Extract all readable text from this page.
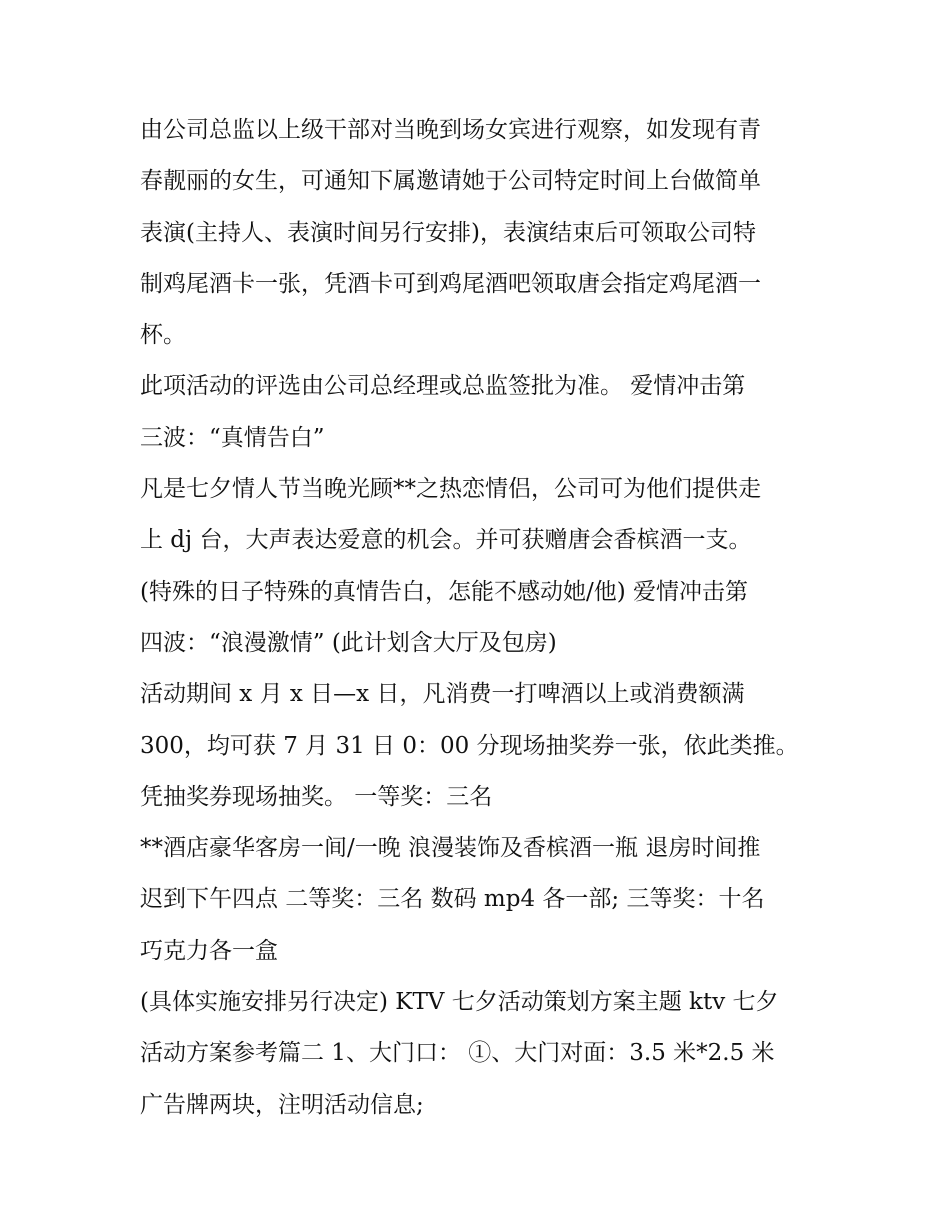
由公司总监以上级干部对当晚到场女宾进行观察，如发现有青
春靓丽的女生，可通知下属邀请她于公司特定时间上台做简单
表演(主持人、表演时间另行安排)，表演结束后可领取公司特
制鸡尾酒卡一张，凭酒卡可到鸡尾酒吧领取唐会指定鸡尾酒一
杯。
此项活动的评选由公司总经理或总监签批为准。 爱情冲击第
三波：“真情告白”
凡是七夕情人节当晚光顾**之热恋情侣，公司可为他们提供走
上 dj 台，大声表达爱意的机会。并可获赠唐会香槟酒一支。
(特殊的日子特殊的真情告白，怎能不感动她/他) 爱情冲击第
四波：“浪漫激情” (此计划含大厅及包房)
活动期间 x 月 x 日—x 日，凡消费一打啤酒以上或消费额满
300，均可获 7 月 31 日 0：00 分现场抽奖券一张，依此类推。
凭抽奖券现场抽奖。 一等奖：三名
**酒店豪华客房一间/一晚 浪漫装饰及香槟酒一瓶 退房时间推
迟到下午四点 二等奖：三名 数码 mp4 各一部; 三等奖：十名
巧克力各一盒
(具体实施安排另行决定) KTV 七夕活动策划方案主题 ktv 七夕
活动方案参考篇二 1、大门口： ①、大门对面：3.5 米*2.5 米
广告牌两块，注明活动信息;
